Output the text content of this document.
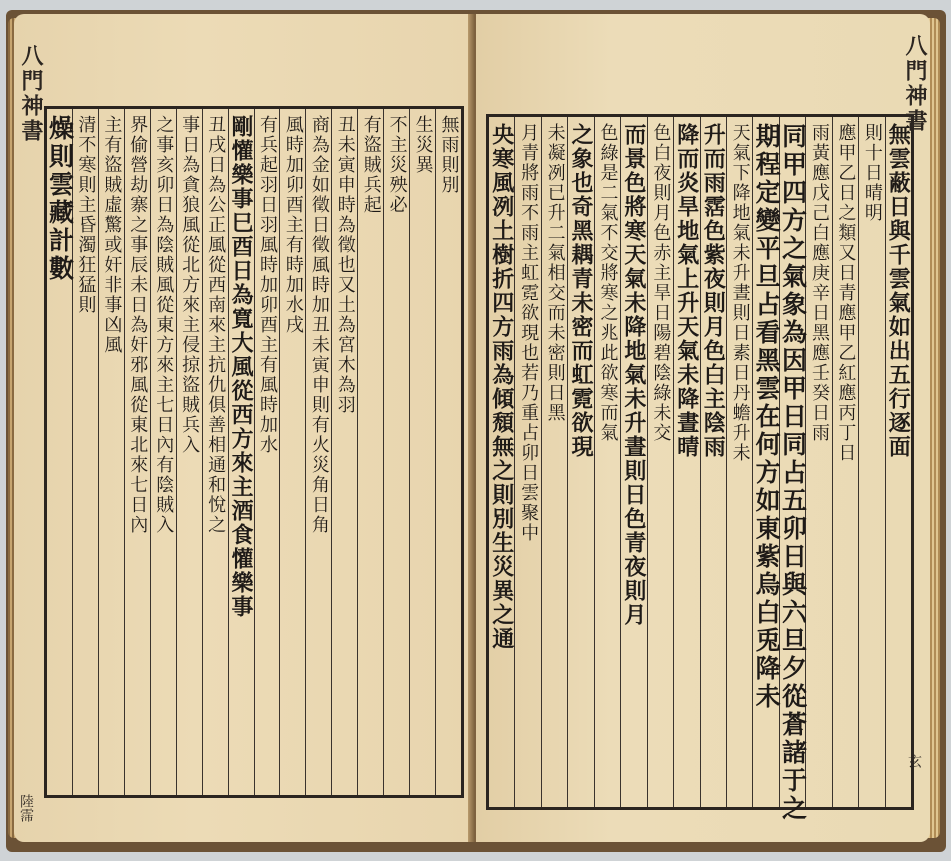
八門神書
無雨則別
生災異
不主災殃必
有盜賊兵起
丑未寅申時為徵也又土為宮木為羽
商為金如徵日徵風時加丑未寅申則有火災角日角
風時加卯酉主有時加水戌
有兵起羽日羽風時加卯酉主有風時加水
剛懽樂事巳酉日為寬大風從西方來主酒食懽樂事
丑戌日為公正風從西南來主抗仇俱善相通和悅之
事日為貪狼風從北方來主侵掠盜賊兵入
之事亥卯日為陰賊風從東方來主七日內有陰賊入
界偷營劫寨之事辰未日為奸邪風從東北來七日內
主有盜賊虛驚或奸非事凶風
清不寒則主昏濁狂猛則
燥則雲藏計數
陸霈
八門神書
無雲蔽日與千雲氣如出五行逐面
則十日晴明
應甲乙日之類又日青應甲乙紅應丙丁日
雨黃應戊己白應庚辛日黑應壬癸日雨
同甲四方之氣象為因甲日同占五卯日與六旦夕從蒼諸于之
期程定變平旦占看黑雲在何方如東紫烏白兎降未
天氣下降地氣未升晝則日素日丹蟾升未
升而雨霑色紫夜則月色白主陰雨
降而炎旱地氣上升天氣未降晝晴
色白夜則月色赤主旱日陽碧陰綠未交
而景色將寒天氣未降地氣未升晝則日色青夜則月
色綠是二氣不交將寒之兆此欲寒而氣
之象也奇黑耦青未密而虹霓欲現
未凝冽已升二氣相交而未密則日黑
月青將雨不雨主虹霓欲現也若乃重占卯日雲聚中
央寒風冽土樹折四方雨為傾頹無之則別生災異之通
玄
